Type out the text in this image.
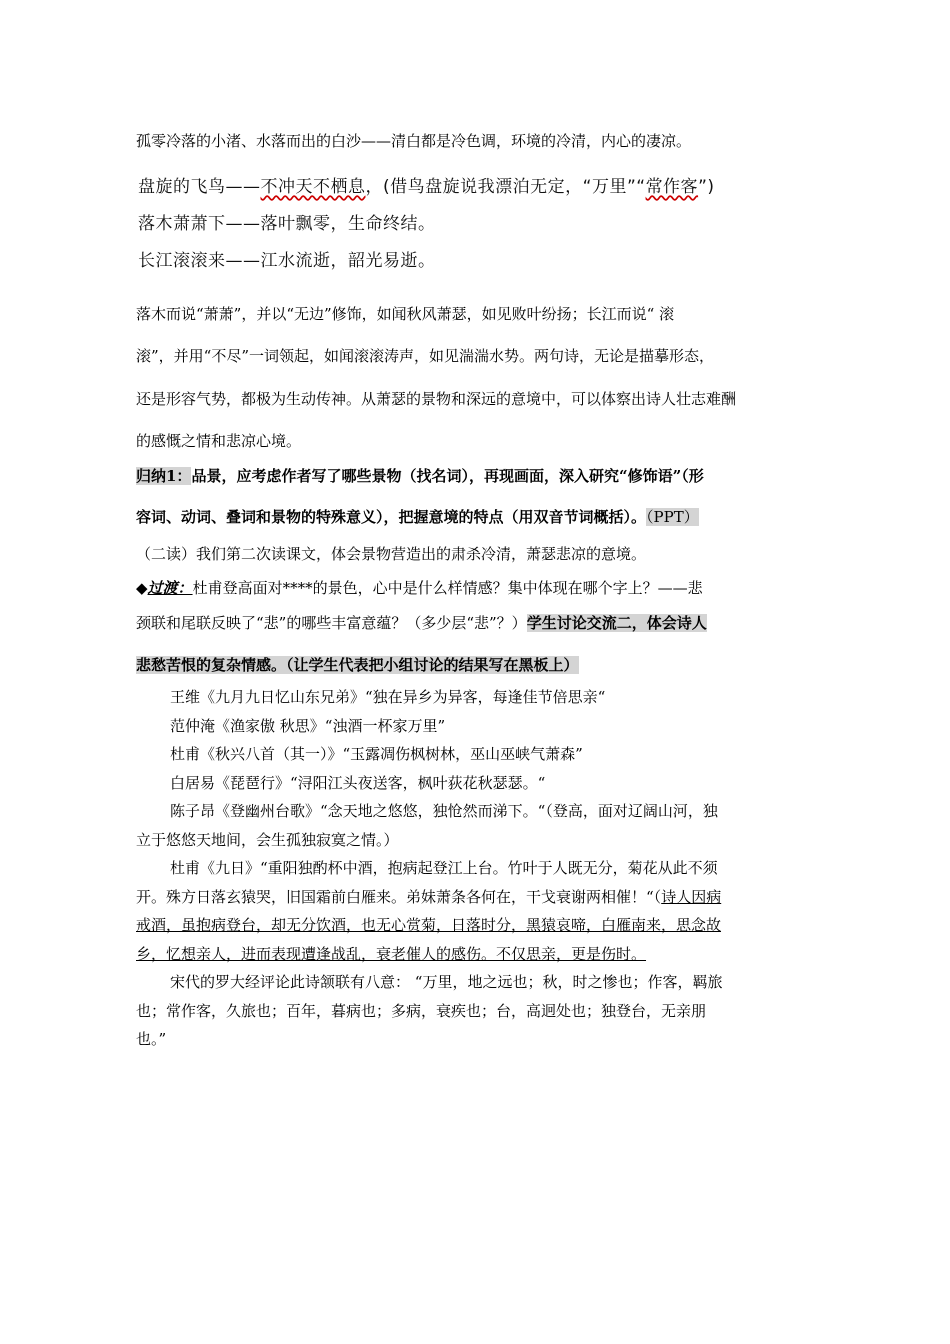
孤零冷落的小渚、水落而出的白沙——清白都是冷色调，环境的冷清，内心的凄凉。
盘旋的飞鸟——不冲天不栖息，(借鸟盘旋说我漂泊无定，“万里”“常作客”)
落木萧萧下——落叶飘零，生命终结。
长江滚滚来——江水流逝，韶光易逝。
落木而说“萧萧”，并以“无边”修饰，如闻秋风萧瑟，如见败叶纷扬；长江而说“ 滚
滚”，并用“不尽”一词领起，如闻滚滚涛声，如见湍湍水势。两句诗，无论是描摹形态，
还是形容气势，都极为生动传神。从萧瑟的景物和深远的意境中，可以体察出诗人壮志难酬
的感慨之情和悲凉心境。
归纳1：品景，应考虑作者写了哪些景物（找名词），再现画面，深入研究“修饰语”（形
容词、动词、叠词和景物的特殊意义），把握意境的特点（用双音节词概括）。（PPT）
（二读）我们第二次读课文，体会景物营造出的肃杀冷清，萧瑟悲凉的意境。
◆过渡：杜甫登高面对****的景色，心中是什么样情感？集中体现在哪个字上？——悲
颈联和尾联反映了“悲”的哪些丰富意蕴？（多少层“悲”？）学生讨论交流二，体会诗人
悲愁苦恨的复杂情感。（让学生代表把小组讨论的结果写在黑板上）
王维《九月九日忆山东兄弟》“独在异乡为异客，每逢佳节倍思亲“
范仲淹《渔家傲 秋思》“浊酒一杯家万里”
杜甫《秋兴八首（其一）》“玉露凋伤枫树林，巫山巫峡气萧森”
白居易《琵琶行》“浔阳江头夜送客，枫叶荻花秋瑟瑟。“
陈子昂《登幽州台歌》“念天地之悠悠，独怆然而涕下。“（登高，面对辽阔山河，独
立于悠悠天地间，会生孤独寂寞之情。）
杜甫《九日》“重阳独酌杯中酒，抱病起登江上台。竹叶于人既无分，菊花从此不须
开。殊方日落玄猿哭，旧国霜前白雁来。弟妹萧条各何在，干戈衰谢两相催！“（诗人因病
戒酒，虽抱病登台，却无分饮酒，也无心赏菊，日落时分，黑猿哀啼，白雁南来，思念故
乡，忆想亲人，进而表现遭逢战乱，衰老催人的感伤。不仅思亲，更是伤时。
宋代的罗大经评论此诗颔联有八意： “万里，地之远也；秋，时之惨也；作客，羁旅
也；常作客，久旅也；百年，暮病也；多病，衰疾也；台，高迥处也；独登台，无亲朋
也。”
